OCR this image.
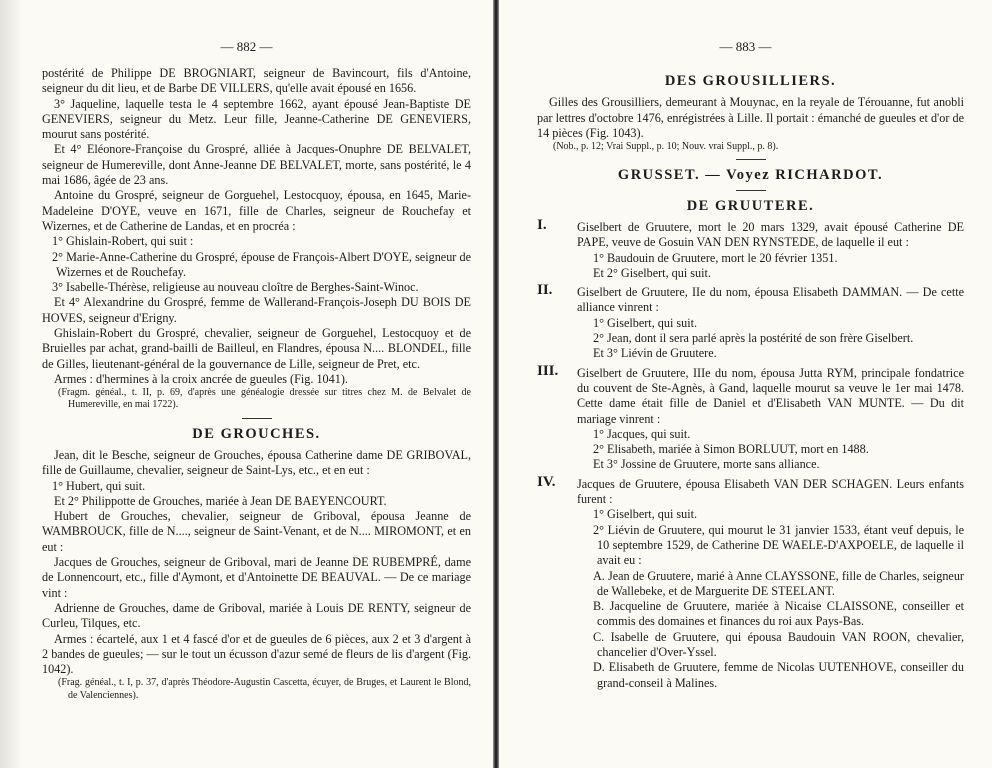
— 882 —

postérité de Philippe DE BROGNIART, seigneur de Bavincourt, fils d'Antoine, seigneur du dit lieu, et de Barbe DE VILLERS, qu'elle avait épousé en 1656.

3° Jaqueline, laquelle testa le 4 septembre 1662, ayant épousé Jean-Baptiste DE GENEVIERS, seigneur du Metz. Leur fille, Jeanne-Catherine DE GENEVIERS, mourut sans postérité.

Et 4° Eléonore-Françoise du Grospré, alliée à Jacques-Onuphre DE BELVALET, seigneur de Humereville, dont Anne-Jeanne DE BELVALET, morte, sans postérité, le 4 mai 1686, âgée de 23 ans.

Antoine du Grospré, seigneur de Gorguehel, Lestocquoy, épousa, en 1645, Marie-Madeleine D'OYE, veuve en 1671, fille de Charles, seigneur de Rouchefay et Wizernes, et de Catherine de Landas, et en procréa :

1° Ghislain-Robert, qui suit :

2° Marie-Anne-Catherine du Grospré, épouse de François-Albert D'OYE, seigneur de Wizernes et de Rouchefay.

3° Isabelle-Thérèse, religieuse au nouveau cloître de Berghes-Saint-Winoc.

Et 4° Alexandrine du Grospré, femme de Wallerand-François-Joseph DU BOIS DE HOVES, seigneur d'Erigny.

Ghislain-Robert du Grospré, chevalier, seigneur de Gorguehel, Lestocquoy et de Bruielles par achat, grand-bailli de Bailleul, en Flandres, épousa N.... BLONDEL, fille de Gilles, lieutenant-général de la gouvernance de Lille, seigneur de Pret, etc.

Armes : d'hermines à la croix ancrée de gueules (Fig. 1041).

(Fragm. généal., t. II, p. 69, d'après une généalogie dressée sur titres chez M. de Belvalet de Humereville, en mai 1722).

DE GROUCHES.

Jean, dit le Besche, seigneur de Grouches, épousa Catherine dame DE GRIBOVAL, fille de Guillaume, chevalier, seigneur de Saint-Lys, etc., et en eut :

1° Hubert, qui suit.

Et 2° Philippotte de Grouches, mariée à Jean DE BAEYENCOURT.

Hubert de Grouches, chevalier, seigneur de Griboval, épousa Jeanne de WAMBROUCK, fille de N...., seigneur de Saint-Venant, et de N.... MIROMONT, et en eut :

Jacques de Grouches, seigneur de Griboval, mari de Jeanne DE RUBEMPRÉ, dame de Lonnencourt, etc., fille d'Aymont, et d'Antoinette DE BEAUVAL. — De ce mariage vint :

Adrienne de Grouches, dame de Griboval, mariée à Louis DE RENTY, seigneur de Curleu, Tilques, etc.

Armes : écartelé, aux 1 et 4 fascé d'or et de gueules de 6 pièces, aux 2 et 3 d'argent à 2 bandes de gueules; — sur le tout un écusson d'azur semé de fleurs de lis d'argent (Fig. 1042).

(Frag. généal., t. I, p. 37, d'après Théodore-Augustin Cascetta, écuyer, de Bruges, et Laurent le Blond, de Valenciennes).

— 883 —
DES GROUSILLIERS.

Gilles des Grousilliers, demeurant à Mouynac, en la reyale de Térouanne, fut anobli par lettres d'octobre 1476, enrégistrées à Lille. Il portait : émanché de gueules et d'or de 14 pièces (Fig. 1043).

(Nob., p. 12; Vrai Suppl., p. 10; Nouv. vrai Suppl., p. 8).

GRUSSET. — Voyez RICHARDOT.
DE GRUUTERE.
I. Giselbert de Gruutere, mort le 20 mars 1329, avait épousé Catherine DE PAPE, veuve de Gosuin VAN DEN RYNSTEDE, de laquelle il eut :

1° Baudouin de Gruutere, mort le 20 février 1351.

Et 2° Giselbert, qui suit.

II. Giselbert de Gruutere, IIe du nom, épousa Elisabeth DAMMAN. — De cette alliance vinrent :

1° Giselbert, qui suit.

2° Jean, dont il sera parlé après la postérité de son frère Giselbert.

Et 3° Liévin de Gruutere.

III. Giselbert de Gruutere, IIIe du nom, épousa Jutta RYM, principale fondatrice du couvent de Ste-Agnès, à Gand, laquelle mourut sa veuve le 1er mai 1478. Cette dame était fille de Daniel et d'Elisabeth VAN MUNTE. — Du dit mariage vinrent :

1° Jacques, qui suit.

2° Elisabeth, mariée à Simon BORLUUT, mort en 1488.

Et 3° Jossine de Gruutere, morte sans alliance.

IV. Jacques de Gruutere, épousa Elisabeth VAN DER SCHAGEN. Leurs enfants furent :

1° Giselbert, qui suit.

2° Liévin de Gruutere, qui mourut le 31 janvier 1533, étant veuf depuis, le 10 septembre 1529, de Catherine DE WAELE-D'AXPOELE, de laquelle il avait eu :

A. Jean de Gruutere, marié à Anne CLAYSSONE, fille de Charles, seigneur de Wallebeke, et de Marguerite DE STEELANT.

B. Jacqueline de Gruutere, mariée à Nicaise CLAISSONE, conseiller et commis des domaines et finances du roi aux Pays-Bas.

C. Isabelle de Gruutere, qui épousa Baudouin VAN ROON, chevalier, chancelier d'Over-Yssel.

D. Elisabeth de Gruutere, femme de Nicolas UUTENHOVE, conseiller du grand-conseil à Malines.
